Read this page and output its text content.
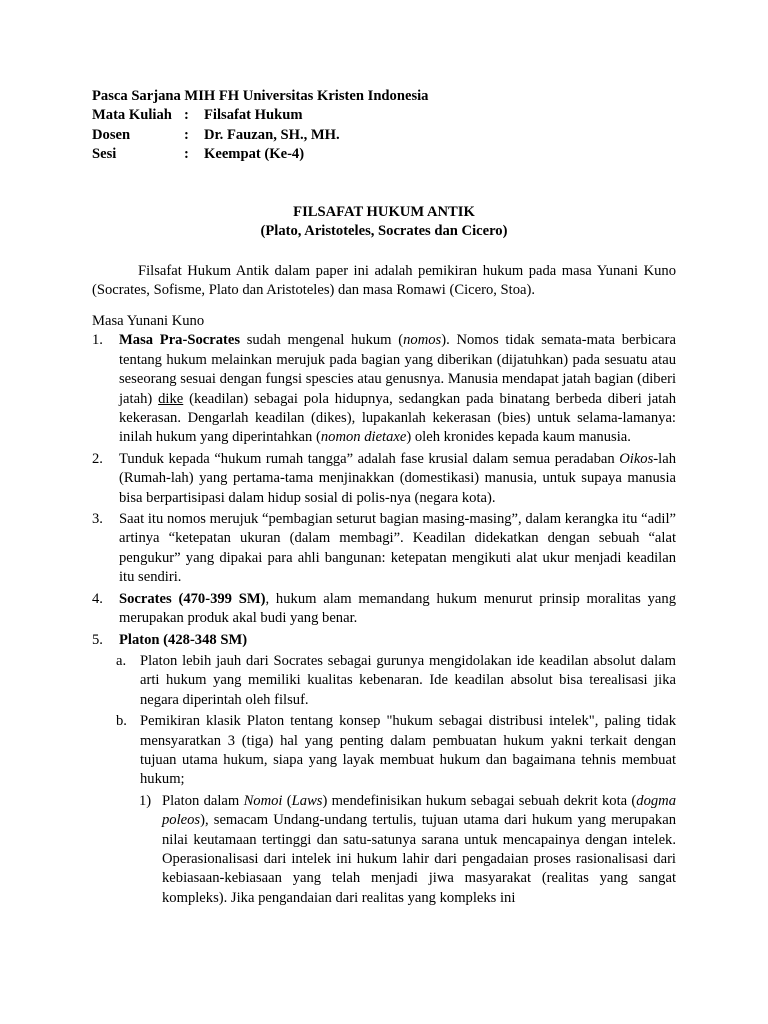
Pasca Sarjana MIH FH Universitas Kristen Indonesia
Mata Kuliah :	Filsafat Hukum
Dosen	:	Dr. Fauzan, SH., MH.
Sesi	:	Keempat (Ke-4)
FILSAFAT HUKUM ANTIK
(Plato, Aristoteles, Socrates dan Cicero)

Filsafat Hukum Antik dalam paper ini adalah pemikiran hukum pada masa Yunani Kuno (Socrates, Sofisme, Plato dan Aristoteles) dan masa Romawi (Cicero, Stoa).

Masa Yunani Kuno

1. Masa Pra-Socrates sudah mengenal hukum (nomos). Nomos tidak semata-mata berbicara tentang hukum melainkan merujuk pada bagian yang diberikan (dijatuhkan) pada sesuatu atau seseorang sesuai dengan fungsi spescies atau genusnya. Manusia mendapat jatah bagian (diberi jatah) dike (keadilan) sebagai pola hidupnya, sedangkan pada binatang berbeda diberi jatah kekerasan. Dengarlah keadilan (dikes), lupakanlah kekerasan (bies) untuk selama-lamanya: inilah hukum yang diperintahkan (nomon dietaxe) oleh kronides kepada kaum manusia.
2. Tunduk kepada “hukum rumah tangga” adalah fase krusial dalam semua peradaban Oikos-lah (Rumah-lah) yang pertama-tama menjinakkan (domestikasi) manusia, untuk supaya manusia bisa berpartisipasi dalam hidup sosial di polis-nya (negara kota).
3. Saat itu nomos merujuk “pembagian seturut bagian masing-masing”, dalam kerangka itu “adil” artinya “ketepatan ukuran (dalam membagi”. Keadilan didekatkan dengan sebuah “alat pengukur” yang dipakai para ahli bangunan: ketepatan mengikuti alat ukur menjadi keadilan itu sendiri.
4. Socrates (470-399 SM), hukum alam memandang hukum menurut prinsip moralitas yang merupakan produk akal budi yang benar.
5. Platon (428-348 SM)
a. Platon lebih jauh dari Socrates sebagai gurunya mengidolakan ide keadilan absolut dalam arti hukum yang memiliki kualitas kebenaran. Ide keadilan absolut bisa terealisasi jika negara diperintah oleh filsuf.
b. Pemikiran klasik Platon tentang konsep "hukum sebagai distribusi intelek", paling tidak mensyaratkan 3 (tiga) hal yang penting dalam pembuatan hukum yakni terkait dengan tujuan utama hukum, siapa yang layak membuat hukum dan bagaimana tehnis membuat hukum;
1) Platon dalam Nomoi (Laws) mendefinisikan hukum sebagai sebuah dekrit kota (dogma poleos), semacam Undang-undang tertulis, tujuan utama dari hukum yang merupakan nilai keutamaan tertinggi dan satu-satunya sarana untuk mencapainya dengan intelek. Operasionalisasi dari intelek ini hukum lahir dari pengadaian proses rasionalisasi dari kebiasaan-kebiasaan yang telah menjadi jiwa masyarakat (realitas yang sangat kompleks). Jika pengandaian dari realitas yang kompleks ini
